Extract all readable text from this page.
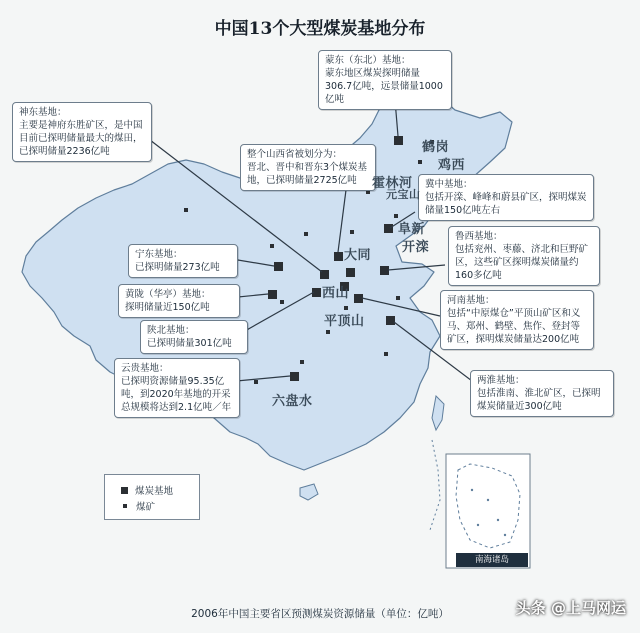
中国13个大型煤炭基地分布
蒙东（东北）基地：
蒙东地区煤炭探明储量306.7亿吨，远景储量1000亿吨
神东基地：
主要是神府东胜矿区，是中国目前已探明储量最大的煤田，已探明储量2236亿吨	整个山西省被划分为：
晋北、晋中和晋东3个煤炭基地，已探明储量2725亿吨	冀中基地：
包括开滦、峰峰和蔚县矿区，探明煤炭储量150亿吨左右
宁东基地：
已探明储量273亿吨
鲁西基地：
包括兖州、枣藤、济北和巨野矿区，这些矿区探明煤炭储量约160多亿吨
黄陇（华亭）基地：
探明储量近150亿吨
河南基地：
包括“中原煤仓”平顶山矿区和义马、郑州、鹤壁、焦作、登封等矿区，探明煤炭储量达200亿吨
陕北基地：
已探明储量301亿吨
云贵基地：
已探明资源储量95.35亿吨，到2020年基地的开采总规模将达到2.1亿吨／年
两淮基地：
包括淮南、淮北矿区，已探明煤炭储量近300亿吨
鹤岗
鸡西
霍林河
元宝山
阜新
开滦
大同
西山
平顶山
六盘水
煤炭基地
煤矿
南海诸岛
2006年中国主要省区预测煤炭资源储量（单位：亿吨）	头条 @上马网运
